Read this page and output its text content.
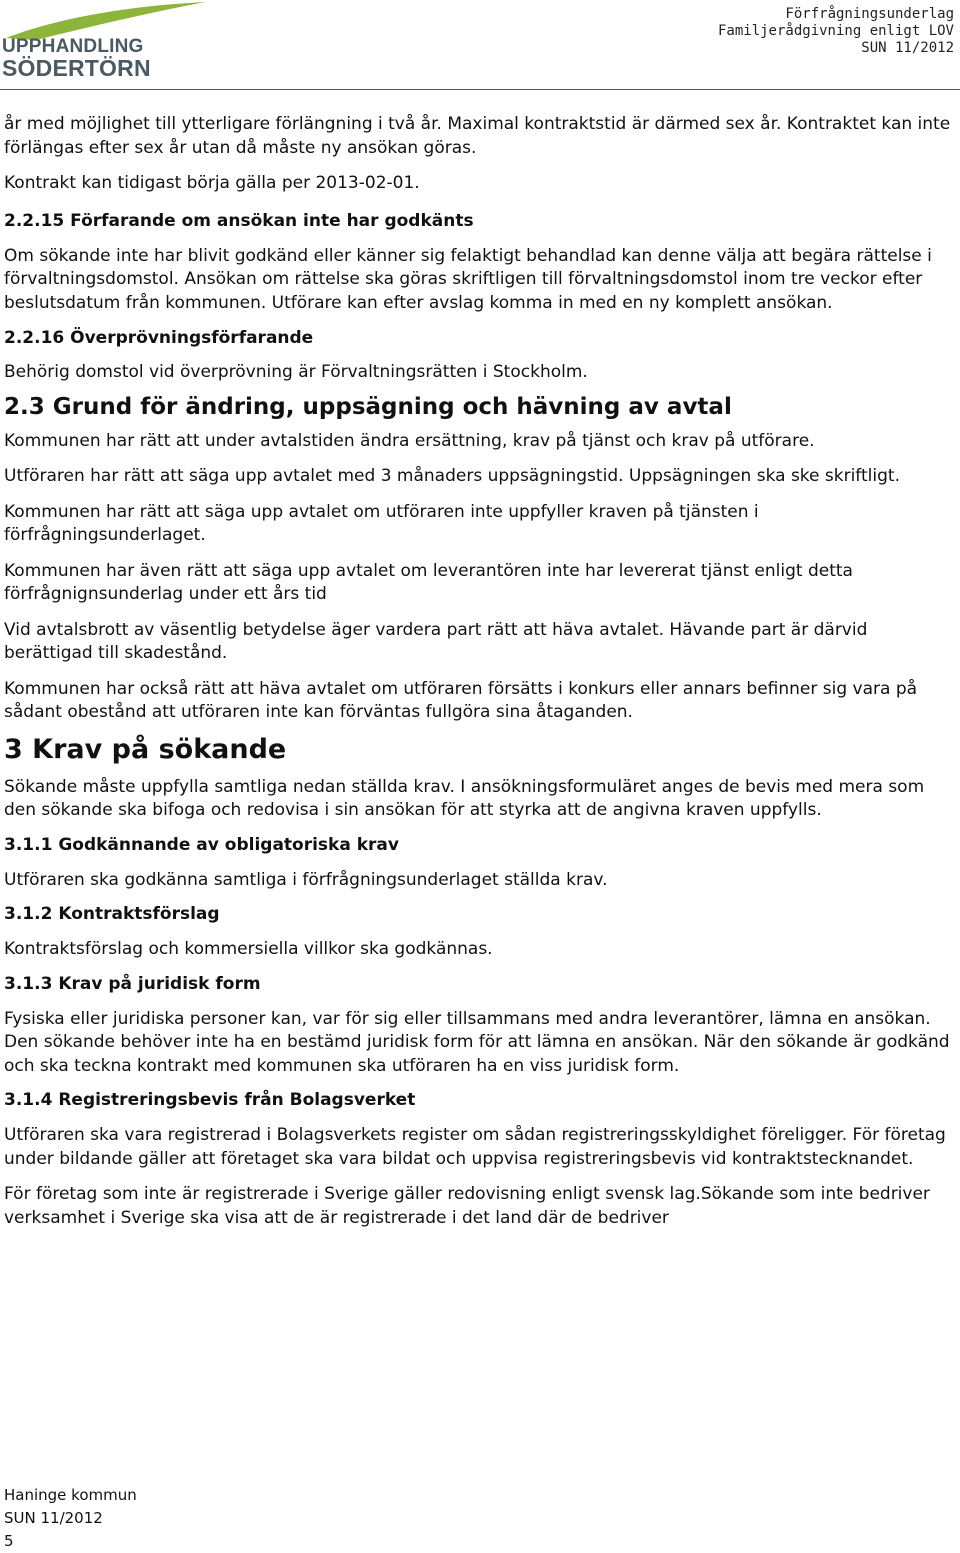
UPPHANDLING
SÖDERTÖRN
Förfrågningsunderlag
Familjerådgivning enligt LOV
SUN 11/2012

år med möjlighet till ytterligare förlängning i två år. Maximal kontraktstid är därmed sex år. Kontraktet kan inte förlängas efter sex år utan då måste ny ansökan göras.

Kontrakt kan tidigast börja gälla per 2013-02-01.

2.2.15 Förfarande om ansökan inte har godkänts

Om sökande inte har blivit godkänd eller känner sig felaktigt behandlad kan denne välja att begära rättelse i förvaltningsdomstol. Ansökan om rättelse ska göras skriftligen till förvaltningsdomstol inom tre veckor efter beslutsdatum från kommunen. Utförare kan efter avslag komma in med en ny komplett ansökan.

2.2.16 Överprövningsförfarande

Behörig domstol vid överprövning är Förvaltningsrätten i Stockholm.

2.3 Grund för ändring, uppsägning och hävning av avtal

Kommunen har rätt att under avtalstiden ändra ersättning, krav på tjänst och krav på utförare.

Utföraren har rätt att säga upp avtalet med 3 månaders uppsägningstid. Uppsägningen ska ske skriftligt.

Kommunen har rätt att säga upp avtalet om utföraren inte uppfyller kraven på tjänsten i förfrågningsunderlaget.

Kommunen har även rätt att säga upp avtalet om leverantören inte har levererat tjänst enligt detta förfrågnignsunderlag under ett års tid

Vid avtalsbrott av väsentlig betydelse äger vardera part rätt att häva avtalet. Hävande part är därvid berättigad till skadestånd.

Kommunen har också rätt att häva avtalet om utföraren försätts i konkurs eller annars befinner sig vara på sådant obestånd att utföraren inte kan förväntas fullgöra sina åtaganden.

3 Krav på sökande

Sökande måste uppfylla samtliga nedan ställda krav. I ansökningsformuläret anges de bevis med mera som den sökande ska bifoga och redovisa i sin ansökan för att styrka att de angivna kraven uppfylls.

3.1.1 Godkännande av obligatoriska krav

Utföraren ska godkänna samtliga i förfrågningsunderlaget ställda krav.

3.1.2 Kontraktsförslag

Kontraktsförslag och kommersiella villkor ska godkännas.

3.1.3 Krav på juridisk form

Fysiska eller juridiska personer kan, var för sig eller tillsammans med andra leverantörer, lämna en ansökan. Den sökande behöver inte ha en bestämd juridisk form för att lämna en ansökan. När den sökande är godkänd och ska teckna kontrakt med kommunen ska utföraren ha en viss juridisk form.

3.1.4 Registreringsbevis från Bolagsverket

Utföraren ska vara registrerad i Bolagsverkets register om sådan registreringsskyldighet föreligger. För företag under bildande gäller att företaget ska vara bildat och uppvisa registreringsbevis vid kontraktstecknandet.

För företag som inte är registrerade i Sverige gäller redovisning enligt svensk lag.Sökande som inte bedriver verksamhet i Sverige ska visa att de är registrerade i det land där de bedriver

Haninge kommun
SUN 11/2012
5
